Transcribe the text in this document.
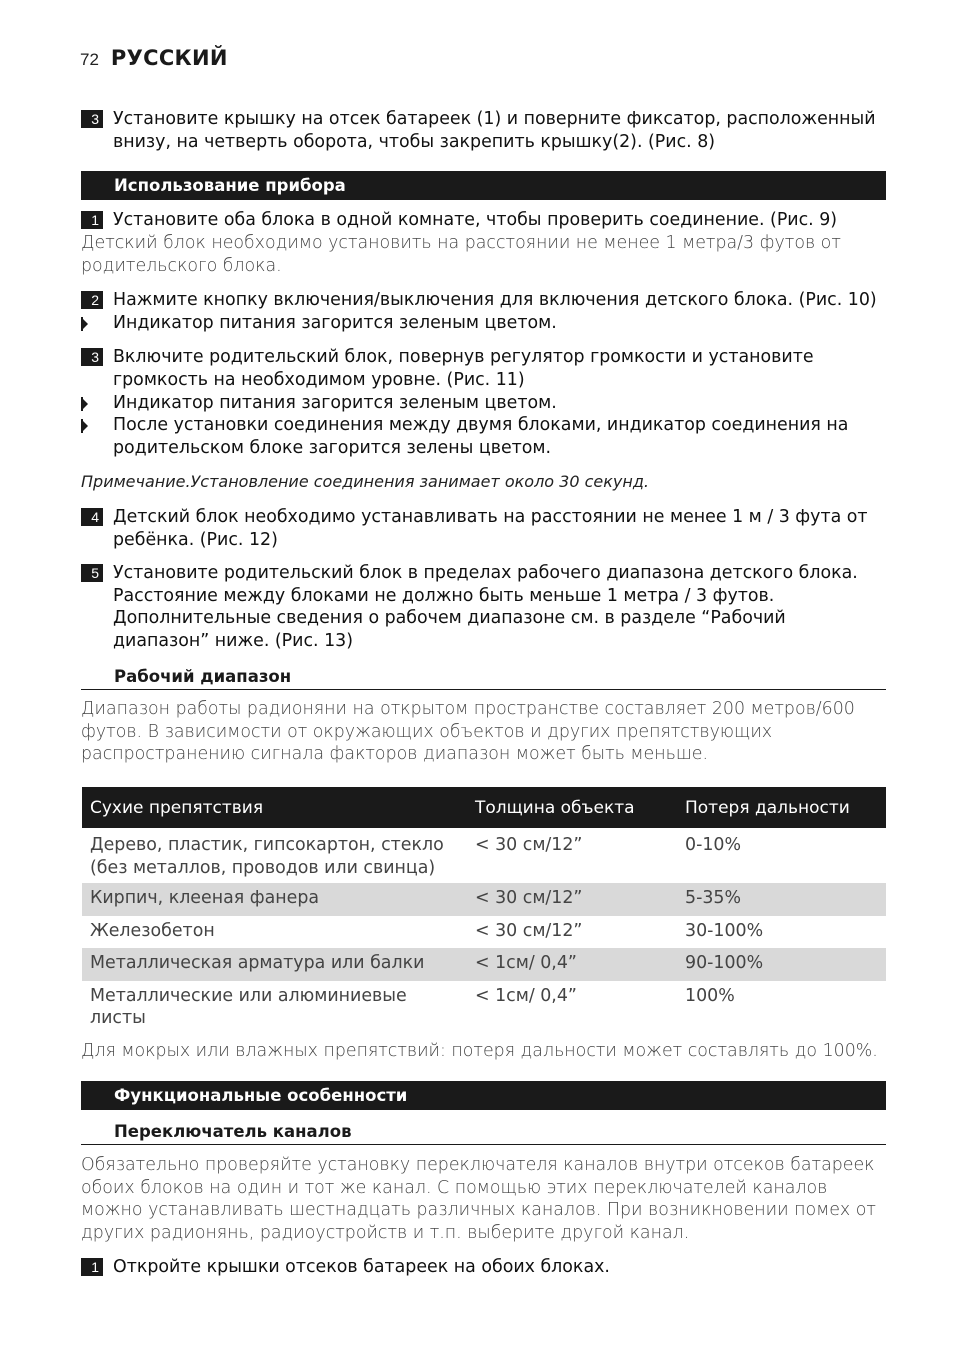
72 РУССКИЙ
3 Установите крышку на отсек батареек (1) и поверните фиксатор, расположенный внизу, на четверть оборота, чтобы закрепить крышку(2). (Рис. 8)
Использование прибора
1 Установите оба блока в одной комнате, чтобы проверить соединение. (Рис. 9)
Детский блок необходимо установить на расстоянии не менее 1 метра/3 футов от родительского блока.
2 Нажмите кнопку включения/выключения для включения детского блока. (Рис. 10)
Индикатор питания загорится зеленым цветом.
3 Включите родительский блок, повернув регулятор громкости и установите громкость на необходимом уровне. (Рис. 11)
Индикатор питания загорится зеленым цветом.
После установки соединения между двумя блоками, индикатор соединения на родительском блоке загорится зелены цветом.
Примечание.Установление соединения занимает около 30 секунд.
4 Детский блок необходимо устанавливать на расстоянии не менее 1 м / 3 фута от ребёнка. (Рис. 12)
5 Установите родительский блок в пределах рабочего диапазона детского блока. Расстояние между блоками не должно быть меньше 1 метра / 3 футов. Дополнительные сведения о рабочем диапазоне см. в разделе “Рабочий диапазон” ниже. (Рис. 13)
Рабочий диапазон
Диапазон работы радионяни на открытом пространстве составляет 200 метров/600 футов. В зависимости от окружающих объектов и других препятствующих распространению сигнала факторов диапазон может быть меньше.
Сухие препятствия	Толщина объекта	Потеря дальности
Дерево, пластик, гипсокартон, стекло (без металлов, проводов или свинца)	< 30 см/12”	0-10%
Кирпич, клееная фанера	< 30 см/12”	5-35%
Железобетон	< 30 см/12”	30-100%
Металлическая арматура или балки	< 1см/ 0,4”	90-100%
Металлические или алюминиевые листы	< 1см/ 0,4”	100%
Для мокрых или влажных препятствий: потеря дальности может составлять до 100%.
Функциональные особенности
Переключатель каналов
Обязательно проверяйте установку переключателя каналов внутри отсеков батареек обоих блоков на один и тот же канал. С помощью этих переключателей каналов можно устанавливать шестнадцать различных каналов. При возникновении помех от других радионянь, радиоустройств и т.п. выберите другой канал.
1 Откройте крышки отсеков батареек на обоих блоках.
